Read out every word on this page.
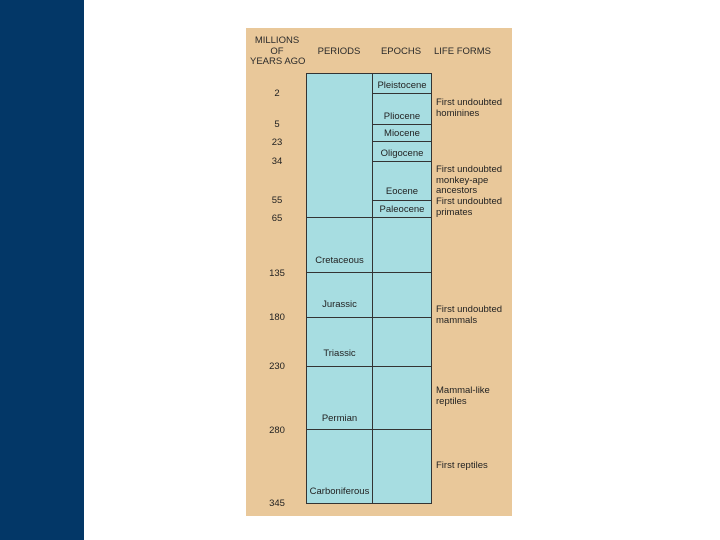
MILLIONS
OF
YEARS AGO
PERIODS	EPOCHS	LIFE FORMS
Pleistocene
Pliocene
Miocene
Oligocene
Eocene
Paleocene
Cretaceous
Jurassic
Triassic
Permian
Carboniferous
2
5
23
34
55
65
135
180
230
280
345
First undoubted
hominines
First undoubted
monkey-ape
ancestors
First undoubted
primates
First undoubted
mammals
Mammal-like
reptiles
First reptiles
